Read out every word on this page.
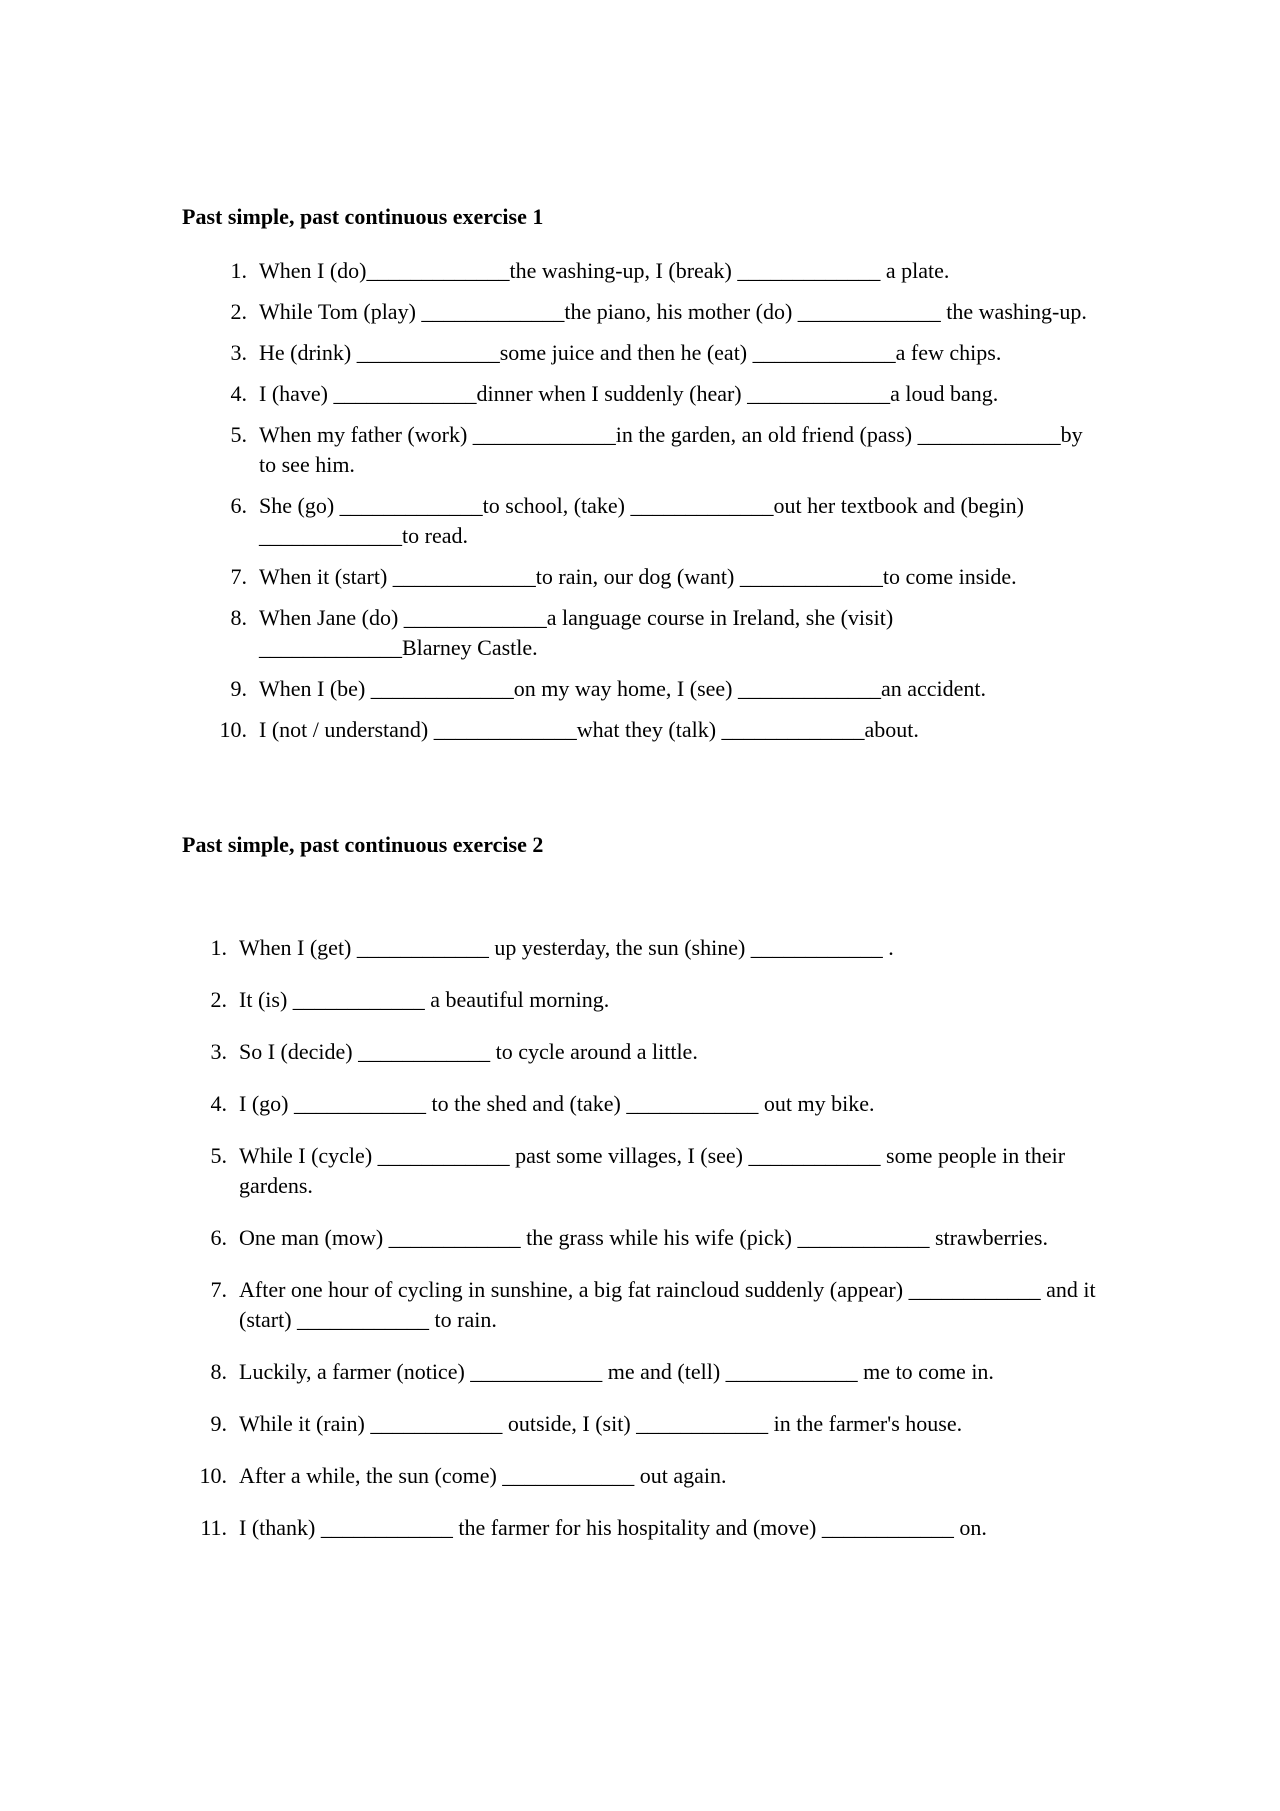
Past simple, past continuous exercise 1
1. When I (do)_____________the washing-up, I (break) _____________ a plate.
2. While Tom (play) _____________the piano, his mother (do) _____________ the washing-up.
3. He (drink) _____________some juice and then he (eat) _____________a few chips.
4. I (have) _____________dinner when I suddenly (hear) _____________a loud bang.
5. When my father (work) _____________in the garden, an old friend (pass) _____________by to see him.
6. She (go) _____________to school, (take) _____________out her textbook and (begin) _____________to read.
7. When it (start) _____________to rain, our dog (want) _____________to come inside.
8. When Jane (do) _____________a language course in Ireland, she (visit) _____________Blarney Castle.
9. When I (be) _____________on my way home, I (see) _____________an accident.
10. I (not / understand) _____________what they (talk) _____________about.
Past simple, past continuous exercise 2
1. When I (get) ____________ up yesterday, the sun (shine) ____________ .
2. It (is) ____________ a beautiful morning.
3. So I (decide) ____________ to cycle around a little.
4. I (go) ____________ to the shed and (take) ____________ out my bike.
5. While I (cycle) ____________ past some villages, I (see) ____________ some people in their gardens.
6. One man (mow) ____________ the grass while his wife (pick) ____________ strawberries.
7. After one hour of cycling in sunshine, a big fat raincloud suddenly (appear) ____________ and it (start) ____________ to rain.
8. Luckily, a farmer (notice) ____________ me and (tell) ____________ me to come in.
9. While it (rain) ____________ outside, I (sit) ____________ in the farmer's house.
10. After a while, the sun (come) ____________ out again.
11. I (thank) ____________ the farmer for his hospitality and (move) ____________ on.
